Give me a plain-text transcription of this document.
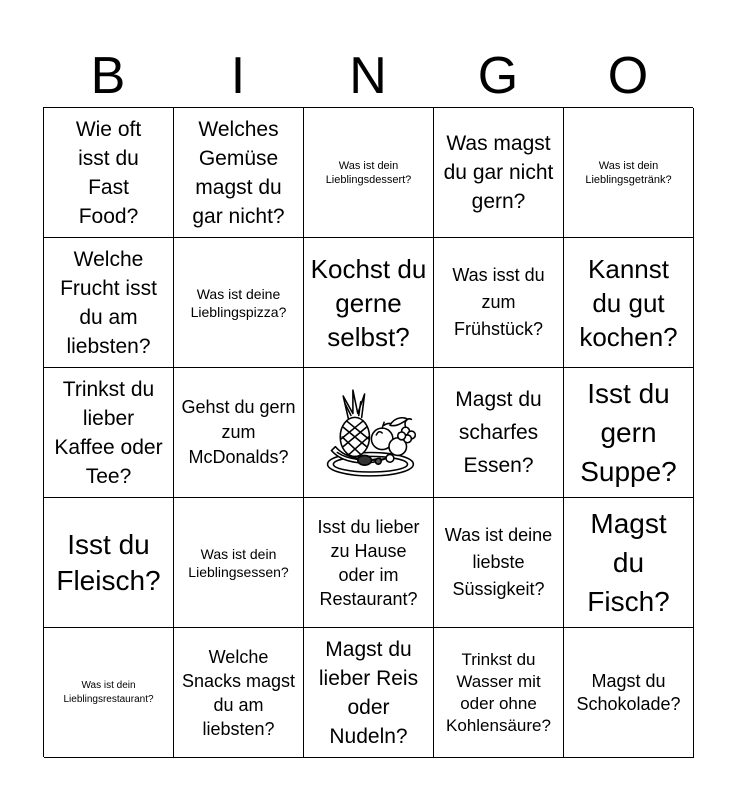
B	I	N	G	O
Wie oft isst du Fast Food?
Welches Gemüse magst du gar nicht?
Was ist dein Lieblingsdessert?
Was magst du gar nicht gern?
Was ist dein Lieblingsgetränk?
Welche Frucht isst du am liebsten?
Was ist deine Lieblingspizza?
Kochst du gerne selbst?
Was isst du zum Frühstück?
Kannst du gut kochen?
Trinkst du lieber Kaffee oder Tee?
Gehst du gern zum McDonalds?
Magst du scharfes Essen?
Isst du gern Suppe?
Isst du Fleisch?
Was ist dein Lieblingsessen?
Isst du lieber zu Hause oder im Restaurant?
Was ist deine liebste Süssigkeit?
Magst du Fisch?
Was ist dein Lieblingsrestaurant?
Welche Snacks magst du am liebsten?
Magst du lieber Reis oder Nudeln?
Trinkst du Wasser mit oder ohne Kohlensäure?
Magst du Schokolade?
